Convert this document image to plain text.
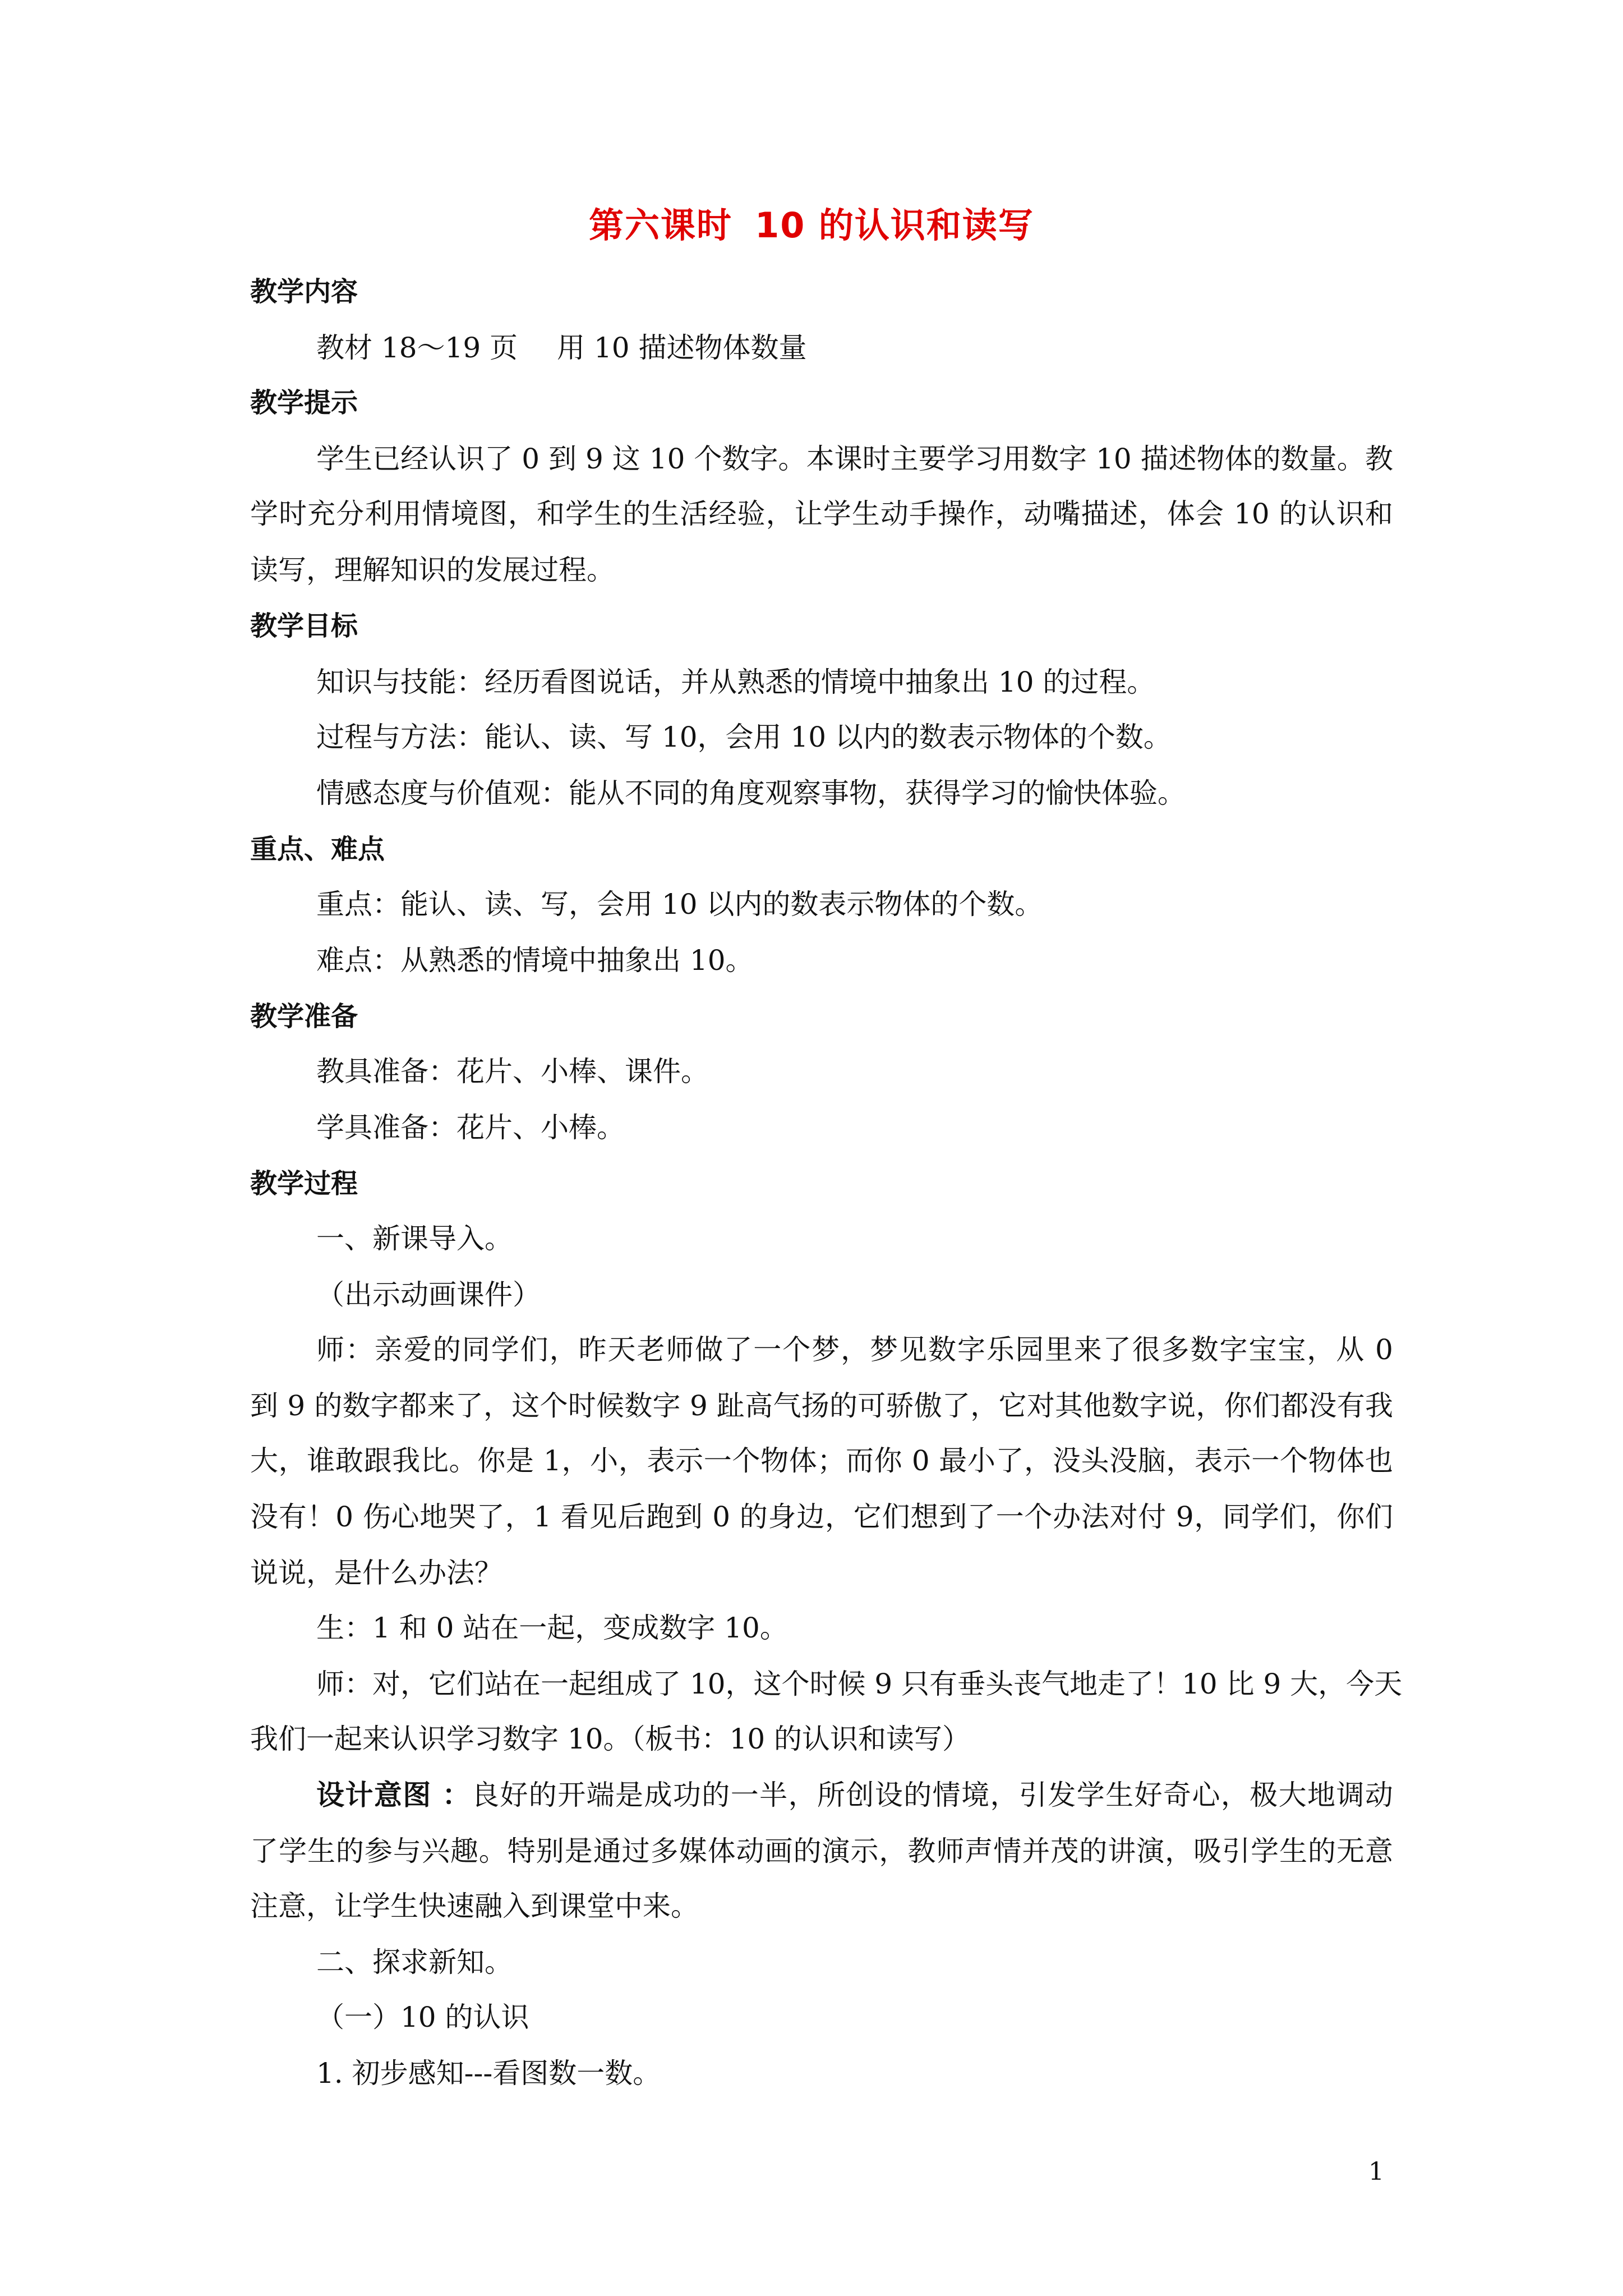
第六课时 10 的认识和读写
教学内容
教材 18～19 页 用 10 描述物体数量
教学提示
学生已经认识了 0 到 9 这 10 个数字。本课时主要学习用数字 10 描述物体的数量。教
学时充分利用情境图，和学生的生活经验，让学生动手操作，动嘴描述，体会 10 的认识和
读写，理解知识的发展过程。
教学目标
知识与技能：经历看图说话，并从熟悉的情境中抽象出 10 的过程。
过程与方法：能认、读、写 10，会用 10 以内的数表示物体的个数。
情感态度与价值观：能从不同的角度观察事物，获得学习的愉快体验。
重点、难点
重点：能认、读、写，会用 10 以内的数表示物体的个数。
难点：从熟悉的情境中抽象出 10。
教学准备
教具准备：花片、小棒、课件。
学具准备：花片、小棒。
教学过程
一、新课导入。
（出示动画课件）
师：亲爱的同学们，昨天老师做了一个梦，梦见数字乐园里来了很多数字宝宝，从 0
到 9 的数字都来了，这个时候数字 9 趾高气扬的可骄傲了，它对其他数字说，你们都没有我
大，谁敢跟我比。你是 1，小，表示一个物体；而你 0 最小了，没头没脑，表示一个物体也
没有！0 伤心地哭了，1 看见后跑到 0 的身边，它们想到了一个办法对付 9，同学们，你们
说说，是什么办法？
生：1 和 0 站在一起，变成数字 10。
师：对，它们站在一起组成了 10，这个时候 9 只有垂头丧气地走了！10 比 9 大，今天
我们一起来认识学习数字 10。（板书：10 的认识和读写）
设计意图 ：良好的开端是成功的一半，所创设的情境，引发学生好奇心，极大地调动
了学生的参与兴趣。特别是通过多媒体动画的演示，教师声情并茂的讲演，吸引学生的无意
注意，让学生快速融入到课堂中来。
二、探求新知。
（一）10 的认识
1. 初步感知---看图数一数。
1
